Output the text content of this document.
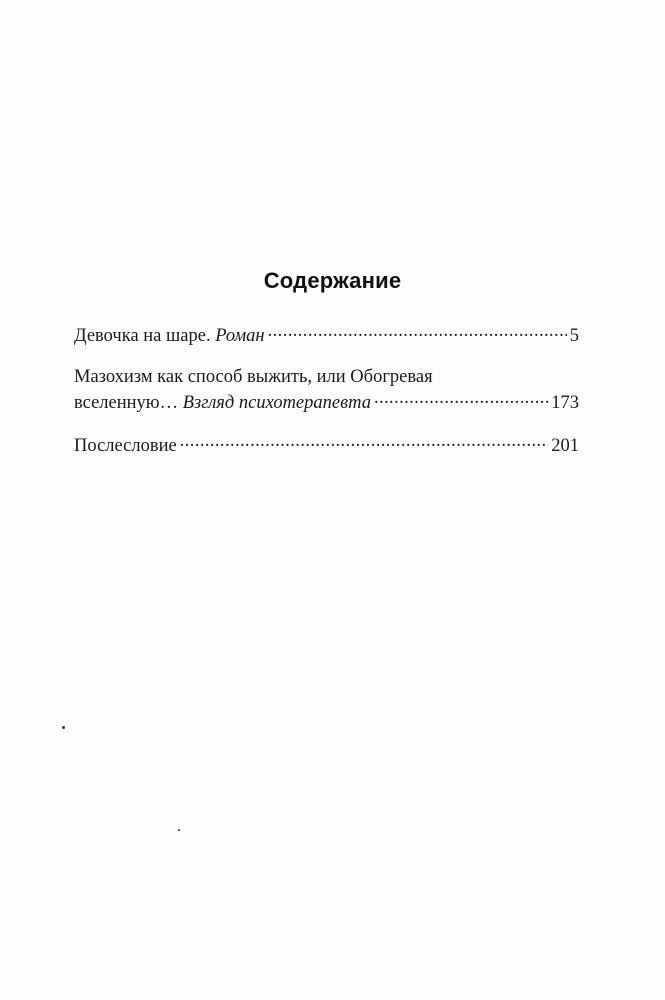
Содержание
Девочка на шаре. Роман .....	5
Мазохизм как способ выжить, или Обогревая
вселенную… Взгляд психотерапевта .....	173
Послесловие .....	201
